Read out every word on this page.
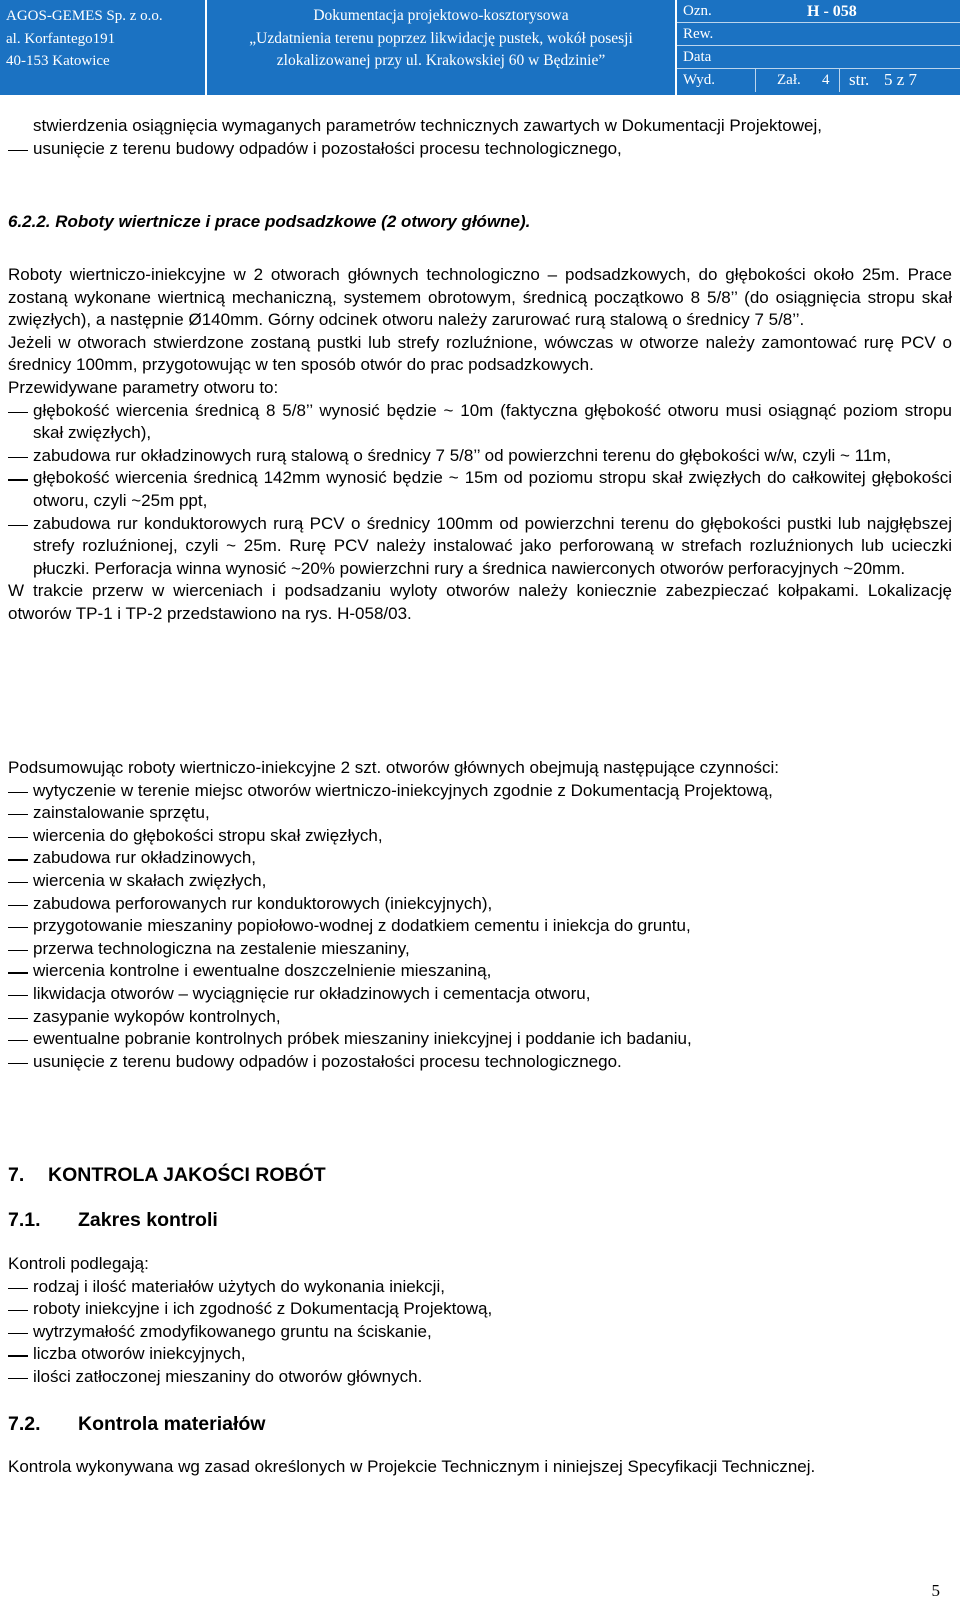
AGOS-GEMES Sp. z o.o.
al. Korfantego191
40-153 Katowice
Dokumentacja projektowo-kosztorysowa
„Uzdatnienia terenu poprzez likwidację pustek, wokół posesji
zlokalizowanej przy ul. Krakowskiej 60 w Będzinie”
Ozn.	H - 058
Rew.
Data
Wyd.	Zał. 4 str. 5 z 7
stwierdzenia osiągnięcia wymaganych parametrów technicznych zawartych w Dokumentacji Projektowej,
usunięcie z terenu budowy odpadów i pozostałości procesu technologicznego,
6.2.2. Roboty wiertnicze i prace podsadzkowe (2 otwory główne).

Roboty wiertniczo-iniekcyjne w 2 otworach głównych technologiczno – podsadzkowych, do głębokości około 25m. Prace zostaną wykonane wiertnicą mechaniczną, systemem obrotowym, średnicą początkowo 8 5/8’’ (do osiągnięcia stropu skał zwięzłych), a następnie Ø140mm. Górny odcinek otworu należy zarurować rurą stalową o średnicy 7 5/8’’.

Jeżeli w otworach stwierdzone zostaną pustki lub strefy rozluźnione, wówczas w otworze należy zamontować rurę PCV o średnicy 100mm, przygotowując w ten sposób otwór do prac podsadzkowych.

Przewidywane parametry otworu to:

głębokość wiercenia średnicą 8 5/8’’ wynosić będzie ~ 10m (faktyczna głębokość otworu musi osiągnąć poziom stropu skał zwięzłych),
zabudowa rur okładzinowych rurą stalową o średnicy 7 5/8’’ od powierzchni terenu do głębokości w/w, czyli ~ 11m,
głębokość wiercenia średnicą 142mm wynosić będzie ~ 15m od poziomu stropu skał zwięzłych do całkowitej głębokości otworu, czyli ~25m ppt,
zabudowa rur konduktorowych rurą PCV o średnicy 100mm od powierzchni terenu do głębokości pustki lub najgłębszej strefy rozluźnionej, czyli ~ 25m. Rurę PCV należy instalować jako perforowaną w strefach rozluźnionych lub ucieczki płuczki. Perforacja winna wynosić ~20% powierzchni rury a średnica nawierconych otworów perforacyjnych ~20mm.

W trakcie przerw w wierceniach i podsadzaniu wyloty otworów należy koniecznie zabezpieczać kołpakami. Lokalizację otworów TP-1 i TP-2 przedstawiono na rys. H-058/03.

Podsumowując roboty wiertniczo-iniekcyjne 2 szt. otworów głównych obejmują następujące czynności:

wytyczenie w terenie miejsc otworów wiertniczo-iniekcyjnych zgodnie z Dokumentacją Projektową,
zainstalowanie sprzętu,
wiercenia do głębokości stropu skał zwięzłych,
zabudowa rur okładzinowych,
wiercenia w skałach zwięzłych,
zabudowa perforowanych rur konduktorowych (iniekcyjnych),
przygotowanie mieszaniny popiołowo-wodnej z dodatkiem cementu i iniekcja do gruntu,
przerwa technologiczna na zestalenie mieszaniny,
wiercenia kontrolne i ewentualne doszczelnienie mieszaniną,
likwidacja otworów – wyciągnięcie rur okładzinowych i cementacja otworu,
zasypanie wykopów kontrolnych,
ewentualne pobranie kontrolnych próbek mieszaniny iniekcyjnej i poddanie ich badaniu,
usunięcie z terenu budowy odpadów i pozostałości procesu technologicznego.
7. KONTROLA JAKOŚCI ROBÓT
7.1. Zakres kontroli

Kontroli podlegają:

rodzaj i ilość materiałów użytych do wykonania iniekcji,
roboty iniekcyjne i ich zgodność z Dokumentacją Projektową,
wytrzymałość zmodyfikowanego gruntu na ściskanie,
liczba otworów iniekcyjnych,
ilości zatłoczonej mieszaniny do otworów głównych.
7.2. Kontrola materiałów

Kontrola wykonywana wg zasad określonych w Projekcie Technicznym i niniejszej Specyfikacji Technicznej.

5
